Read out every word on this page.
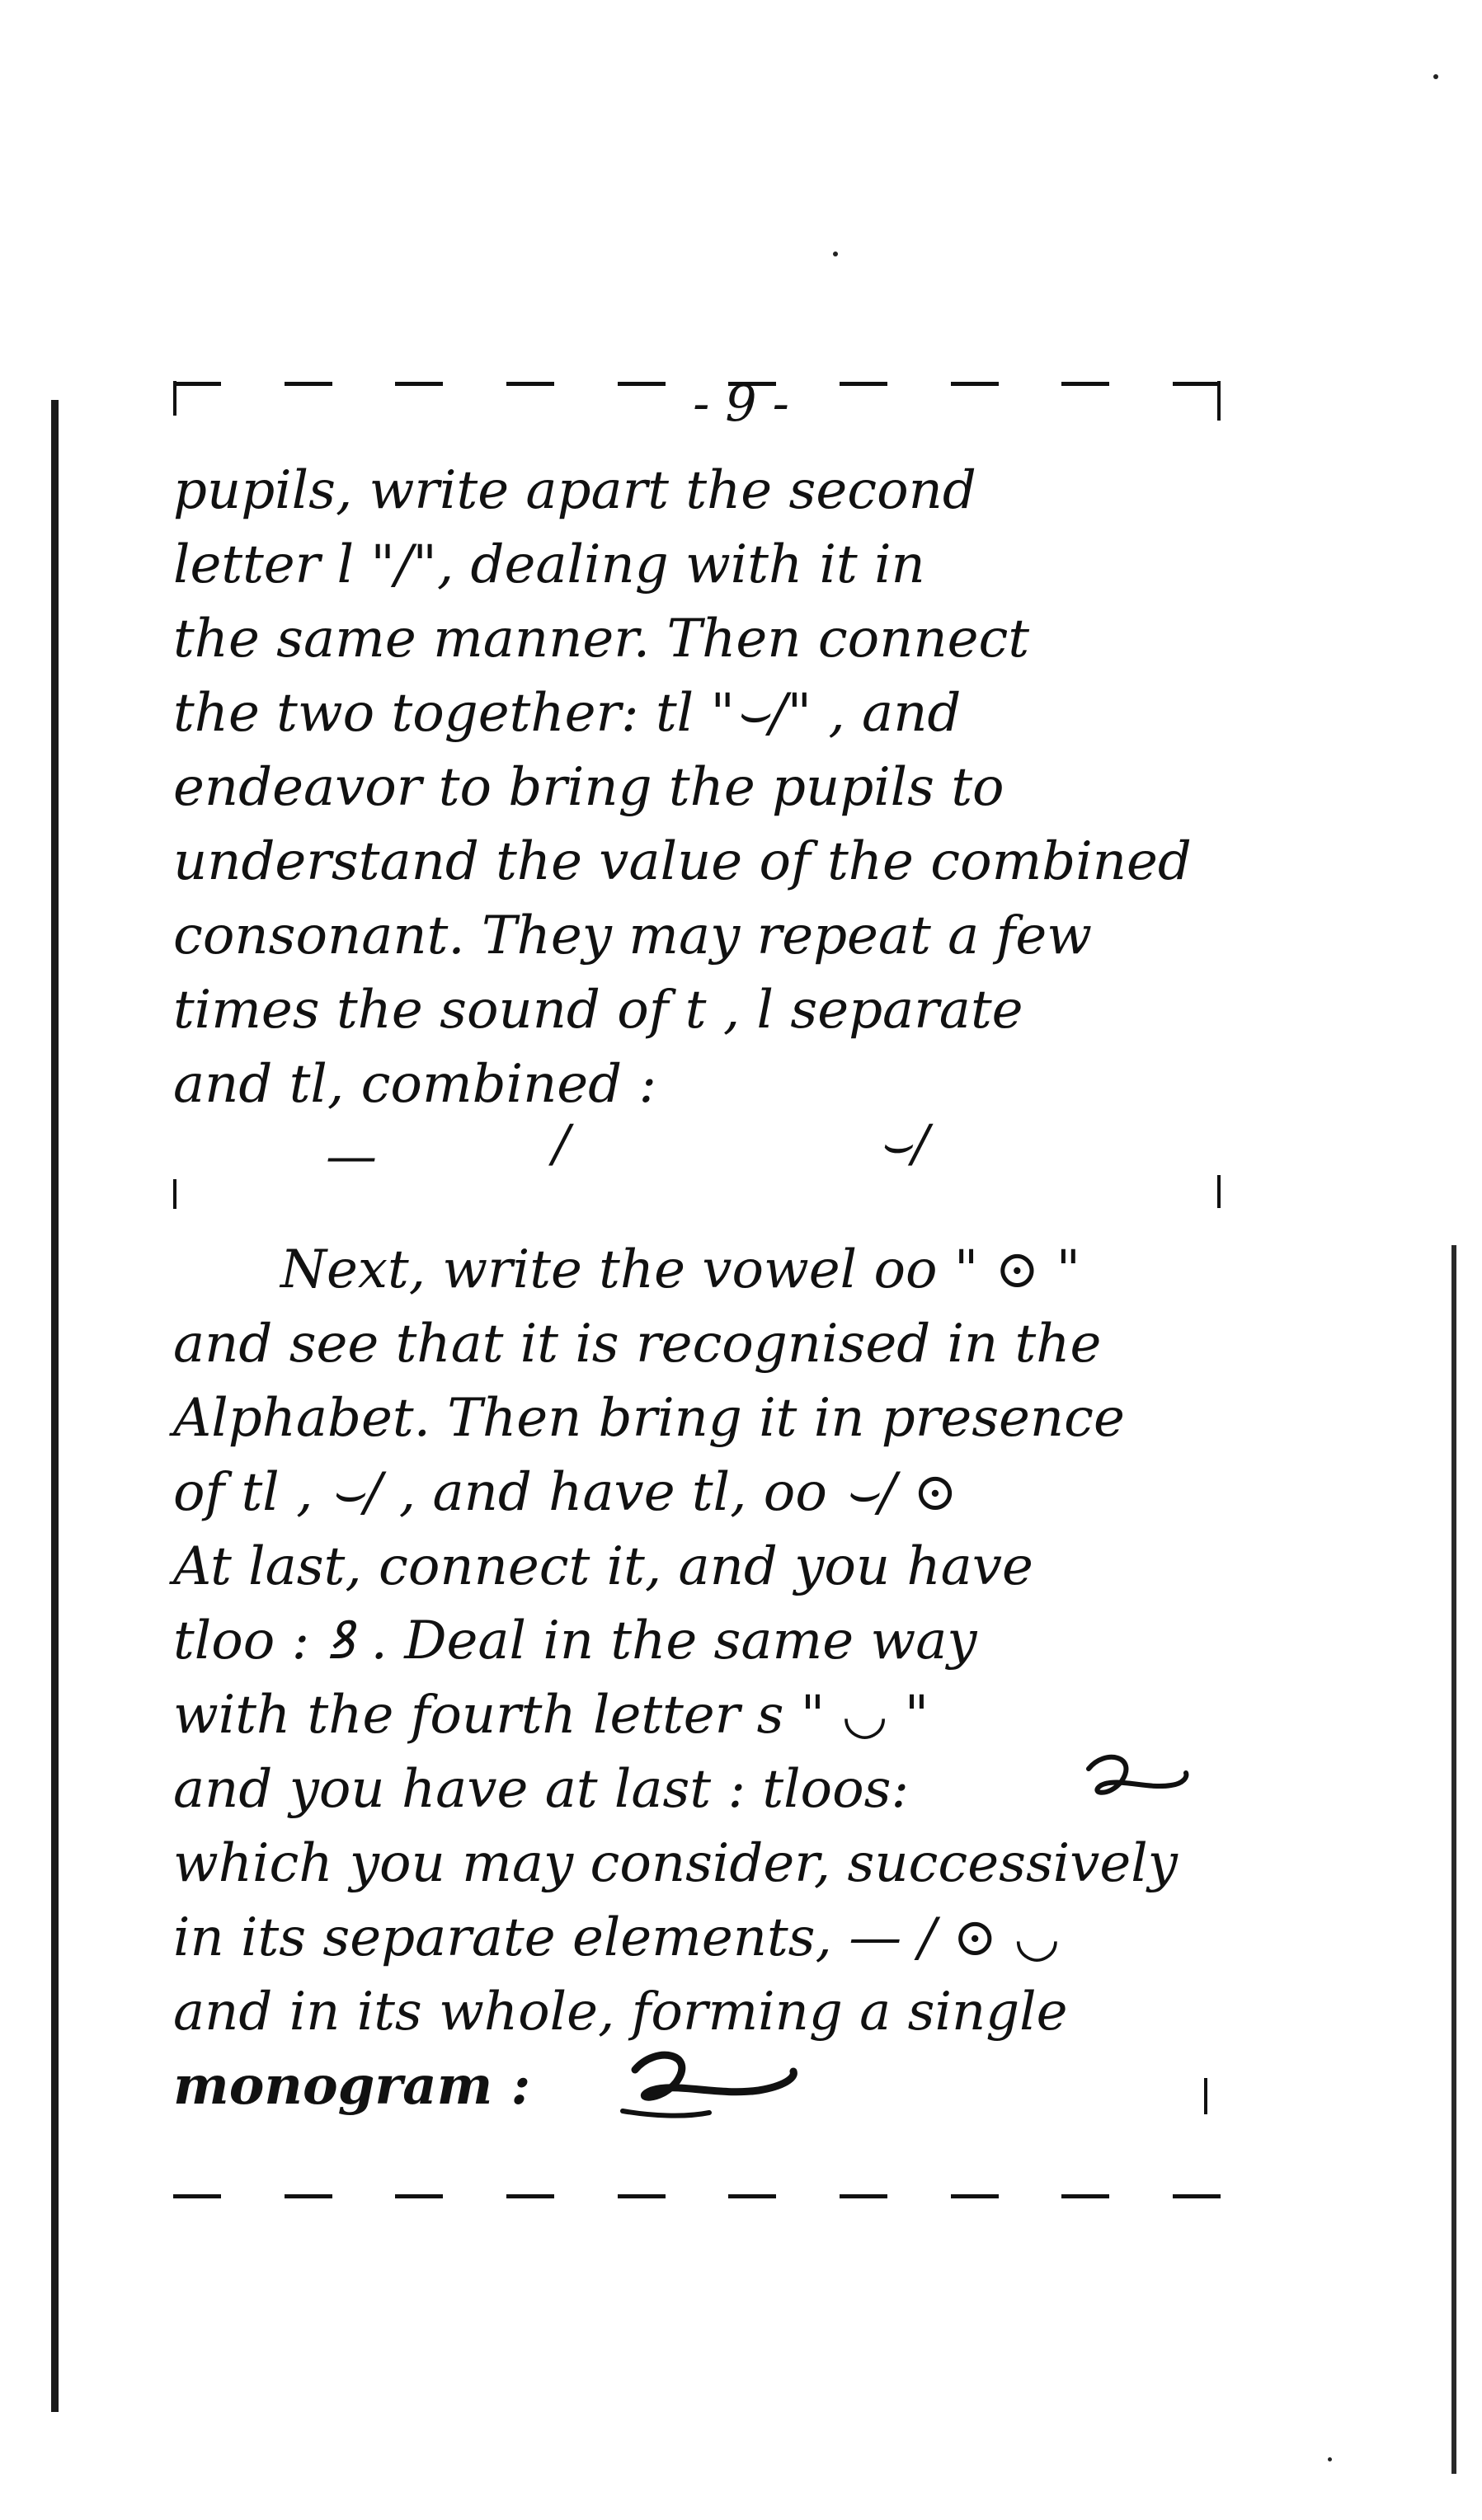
- 9 -
pupils, write apart the second
letter l "/", dealing with it in
the same manner. Then connect
the two together: tl "⌣/" , and
endeavor to bring the pupils to
understand the value of the combined
consonant. They may repeat a few
times the sound of t , l separate
and tl, combined :
—	/	⌣/
Next, write the vowel oo " ⊙ "
and see that it is recognised in the
Alphabet. Then bring it in presence
of tl , ⌣/ , and have tl, oo ⌣/ ⊙
At last, connect it, and you have
tloo : ꝸ . Deal in the same way
with the fourth letter s " ◡ "
and you have at last : tloos:
which you may consider, successively
in its separate elements, — / ⊙ ◡
and in its whole, forming a single
monogram :
